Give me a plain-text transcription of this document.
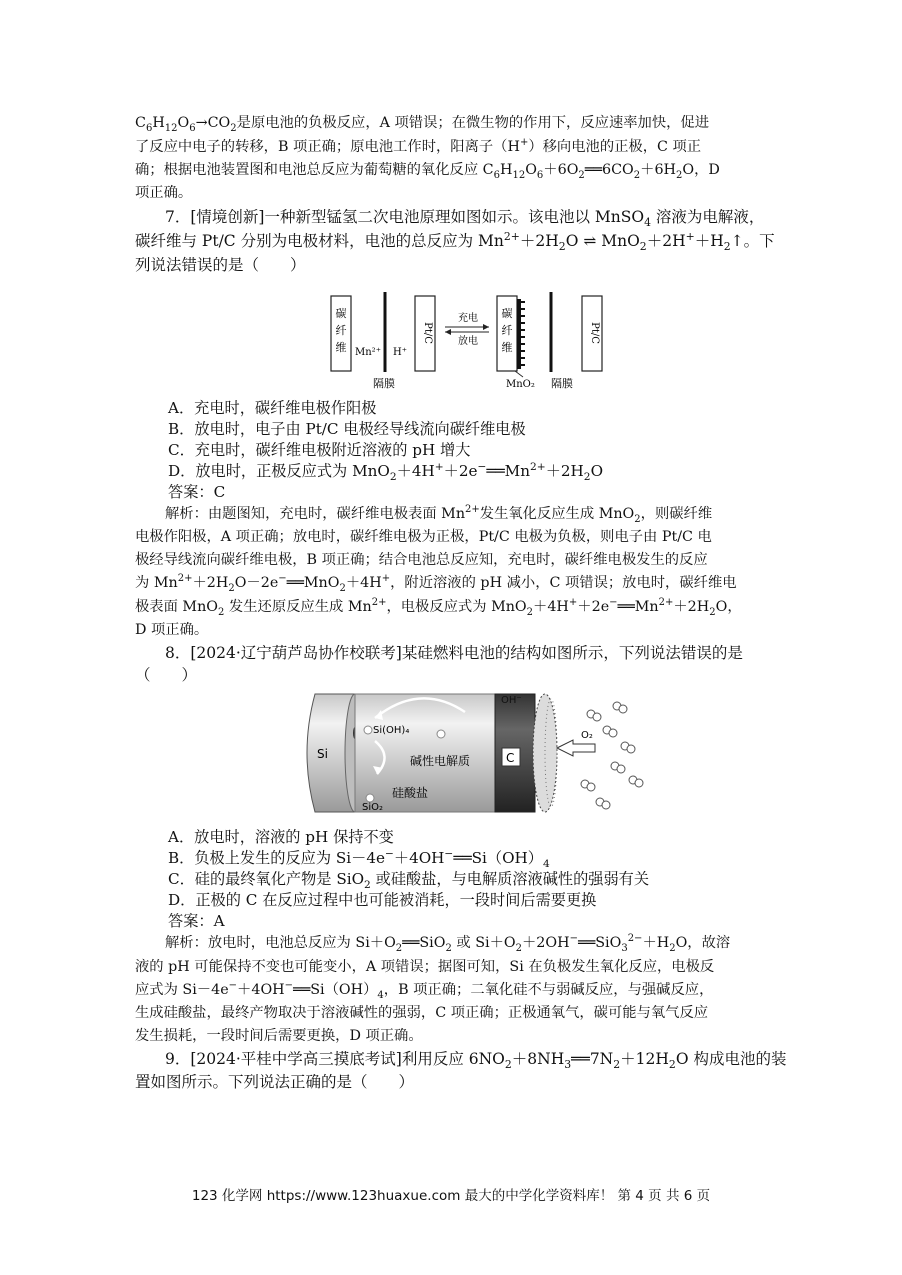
$C_6H_{12}O_6\to CO_2$是原电池的负极反应，A 项错误；在微生物的作用下，反应速率加快，促进
了反应中电子的转移，B 项正确；原电池工作时，阳离子（H+）移向电池的正极，C 项正
确；根据电池装置图和电池总反应为葡萄糖的氧化反应 $C_6H_{12}O_6+6O_2══6CO_2+6H_2O$，D
项正确。
7．[情境创新]一种新型锰氢二次电池原理如图如示。该电池以 MnSO$_4$ 溶液为电解液，
碳纤维与 Pt/C 分别为电极材料，电池的总反应为 $Mn^{2+}+2H_2O$ ⇌ $MnO_2+2H^++H_2↑$。下
列说法错误的是（　　）
碳
纤
维 Mn²⁺ H⁺
Pt/C
隔膜
充电
放电
碳
纤
维
MnO₂ 隔膜
Pt/C
A．充电时，碳纤维电极作阳极
B．放电时，电子由 Pt/C 电极经导线流向碳纤维电极
C．充电时，碳纤维电极附近溶液的 pH 增大
D．放电时，正极反应式为 $MnO_2+4H^++2e^-══Mn^{2+}+2H_2O$
答案：C
解析：由题图知，充电时，碳纤维电极表面 $Mn^{2+}$发生氧化反应生成 MnO$_2$，则碳纤维
电极作阳极，A 项正确；放电时，碳纤维电极为正极，Pt/C 电极为负极，则电子由 Pt/C 电
极经导线流向碳纤维电极，B 项正确；结合电池总反应知，充电时，碳纤维电极发生的反应
为 $Mn^{2+}+2H_2O-2e^-══MnO_2+4H^+$，附近溶液的 pH 减小，C 项错误；放电时，碳纤维电
极表面 MnO$_2$ 发生还原反应生成 $Mn^{2+}$，电极反应式为 $MnO_2+4H^++2e^-══Mn^{2+}+2H_2O$，
D 项正确。
8．[2024·辽宁葫芦岛协作校联考]某硅燃料电池的结构如图所示，下列说法错误的是
（　　）
Si	碱性电解质
Si(OH)₄
SiO₂
硅酸盐
C
OH⁻
O₂
A．放电时，溶液的 pH 保持不变
B．负极上发生的反应为 $Si-4e^-+4OH^-══Si(OH)_4$
C．硅的最终氧化产物是 SiO$_2$ 或硅酸盐，与电解质溶液碱性的强弱有关
D．正极的 C 在反应过程中也可能被消耗，一段时间后需要更换
答案：A
解析：放电时，电池总反应为 $Si+O_2══SiO_2$ 或 $Si+O_2+2OH^-══SiO_3^{2-}+H_2O$，故溶
液的 pH 可能保持不变也可能变小，A 项错误；据图可知，Si 在负极发生氧化反应，电极反
应式为 $Si-4e^-+4OH^-══Si(OH)_4$，B 项正确；二氧化硅不与弱碱反应，与强碱反应，
生成硅酸盐，最终产物取决于溶液碱性的强弱，C 项正确；正极通氧气，碳可能与氧气反应
发生损耗，一段时间后需要更换，D 项正确。
9．[2024·平桂中学高三摸底考试]利用反应 $6NO_2+8NH_3══7N_2+12H_2O$ 构成电池的装
置如图所示。下列说法正确的是（　　）
123 化学网 https://www.123huaxue.com 最大的中学化学资料库！ 第 4 页 共 6 页
